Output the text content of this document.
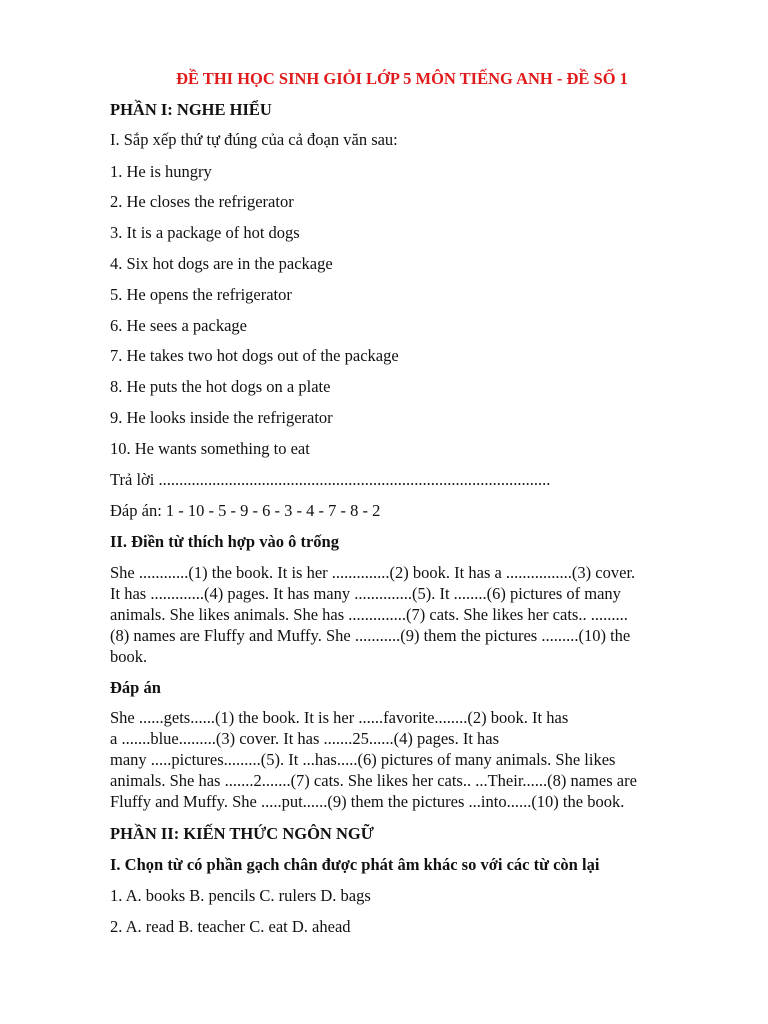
ĐỀ THI HỌC SINH GIỎI LỚP 5 MÔN TIẾNG ANH - ĐỀ SỐ 1
PHẦN I: NGHE HIỂU
I. Sắp xếp thứ tự đúng của cả đoạn văn sau:
1. He is hungry
2. He closes the refrigerator
3. It is a package of hot dogs
4. Six hot dogs are in the package
5. He opens the refrigerator
6. He sees a package
7. He takes two hot dogs out of the package
8. He puts the hot dogs on a plate
9. He looks inside the refrigerator
10. He wants something to eat
Trả lời ...............................................................................................
Đáp án: 1 - 10 - 5 - 9 - 6 - 3 - 4 - 7 - 8 - 2
II. Điền từ thích hợp vào ô trống
She ............(1) the book. It is her ..............(2) book. It has a ................(3) cover.
It has .............(4) pages. It has many ..............(5). It ........(6) pictures of many
animals. She likes animals. She has ..............(7) cats. She likes her cats.. .........
(8) names are Fluffy and Muffy. She ...........(9) them the pictures .........(10) the
book.
Đáp án
She ......gets......(1) the book. It is her ......favorite........(2) book. It has
a .......blue.........(3) cover. It has .......25......(4) pages. It has
many .....pictures.........(5). It ...has.....(6) pictures of many animals. She likes
animals. She has .......2.......(7) cats. She likes her cats.. ...Their......(8) names are
Fluffy and Muffy. She .....put......(9) them the pictures ...into......(10) the book.
PHẦN II: KIẾN THỨC NGÔN NGỮ
I. Chọn từ có phần gạch chân được phát âm khác so với các từ còn lại
1. A. books B. pencils C. rulers D. bags
2. A. read B. teacher C. eat D. ahead
